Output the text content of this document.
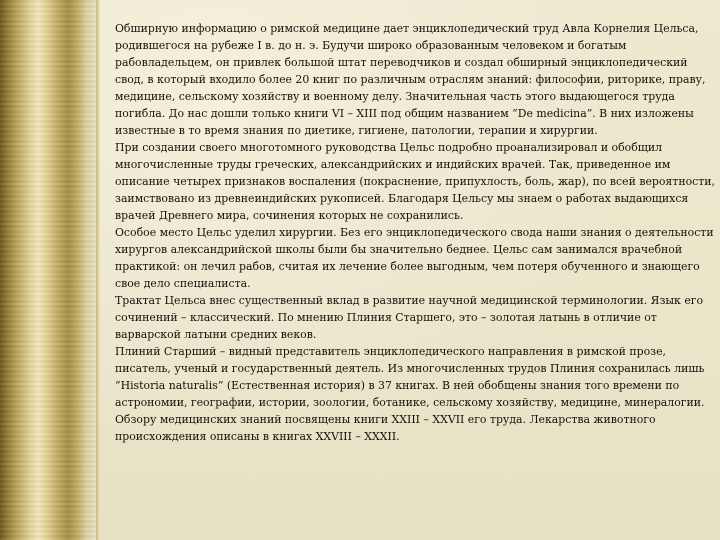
Обширную информацию о римской медицине дает энциклопедический труд Авла Корнелия Цельса, родившегося на рубеже I в. до н. э. Будучи широко образованным человеком и богатым рабовладельцем, он привлек большой штат переводчиков и создал обширный энциклопедический свод, в который входило более 20 книг по различным отраслям знаний: философии, риторике, праву, медицине, сельскому хозяйству и военному делу. Значительная часть этого выдающегося труда погибла. До нас дошли только книги VI – XIII под общим названием “De medicina”. В них изложены известные в то время знания по диетике, гигиене, патологии, терапии и хирургии.

При создании своего многотомного руководства Цельс подробно проанализировал и обобщил многочисленные труды греческих, александрийских и индийских врачей. Так, приведенное им описание четырех признаков воспаления (покраснение, припухлость, боль, жар), по всей вероятности, заимствовано из древнеиндийских рукописей. Благодаря Цельсу мы знаем о работах выдающихся врачей Древнего мира, сочинения которых не сохранились.

Особое место Цельс уделил хирургии. Без его энциклопедического свода наши знания о деятельности хирургов александрийской школы были бы значительно беднее. Цельс сам занимался врачебной практикой: он лечил рабов, считая их лечение более выгодным, чем потеря обученного и знающего свое дело специалиста.

Трактат Цельса внес существенный вклад в развитие научной медицинской терминологии. Язык его сочинений – классический. По мнению Плиния Старшего, это – золотая латынь в отличие от варварской латыни средних веков.

Плиний Старший – видный представитель энциклопедического направления в римской прозе, писатель, ученый и государственный деятель. Из многочисленных трудов Плиния сохранилась лишь “Historia naturalis” (Естественная история) в 37 книгах. В ней обобщены знания того времени по астрономии, географии, истории, зоологии, ботанике, сельскому хозяйству, медицине, минералогии.

Обзору медицинских знаний посвящены книги XXIII – XXVII его труда. Лекарства животного происхождения описаны в книгах XXVIII – XXXII.
